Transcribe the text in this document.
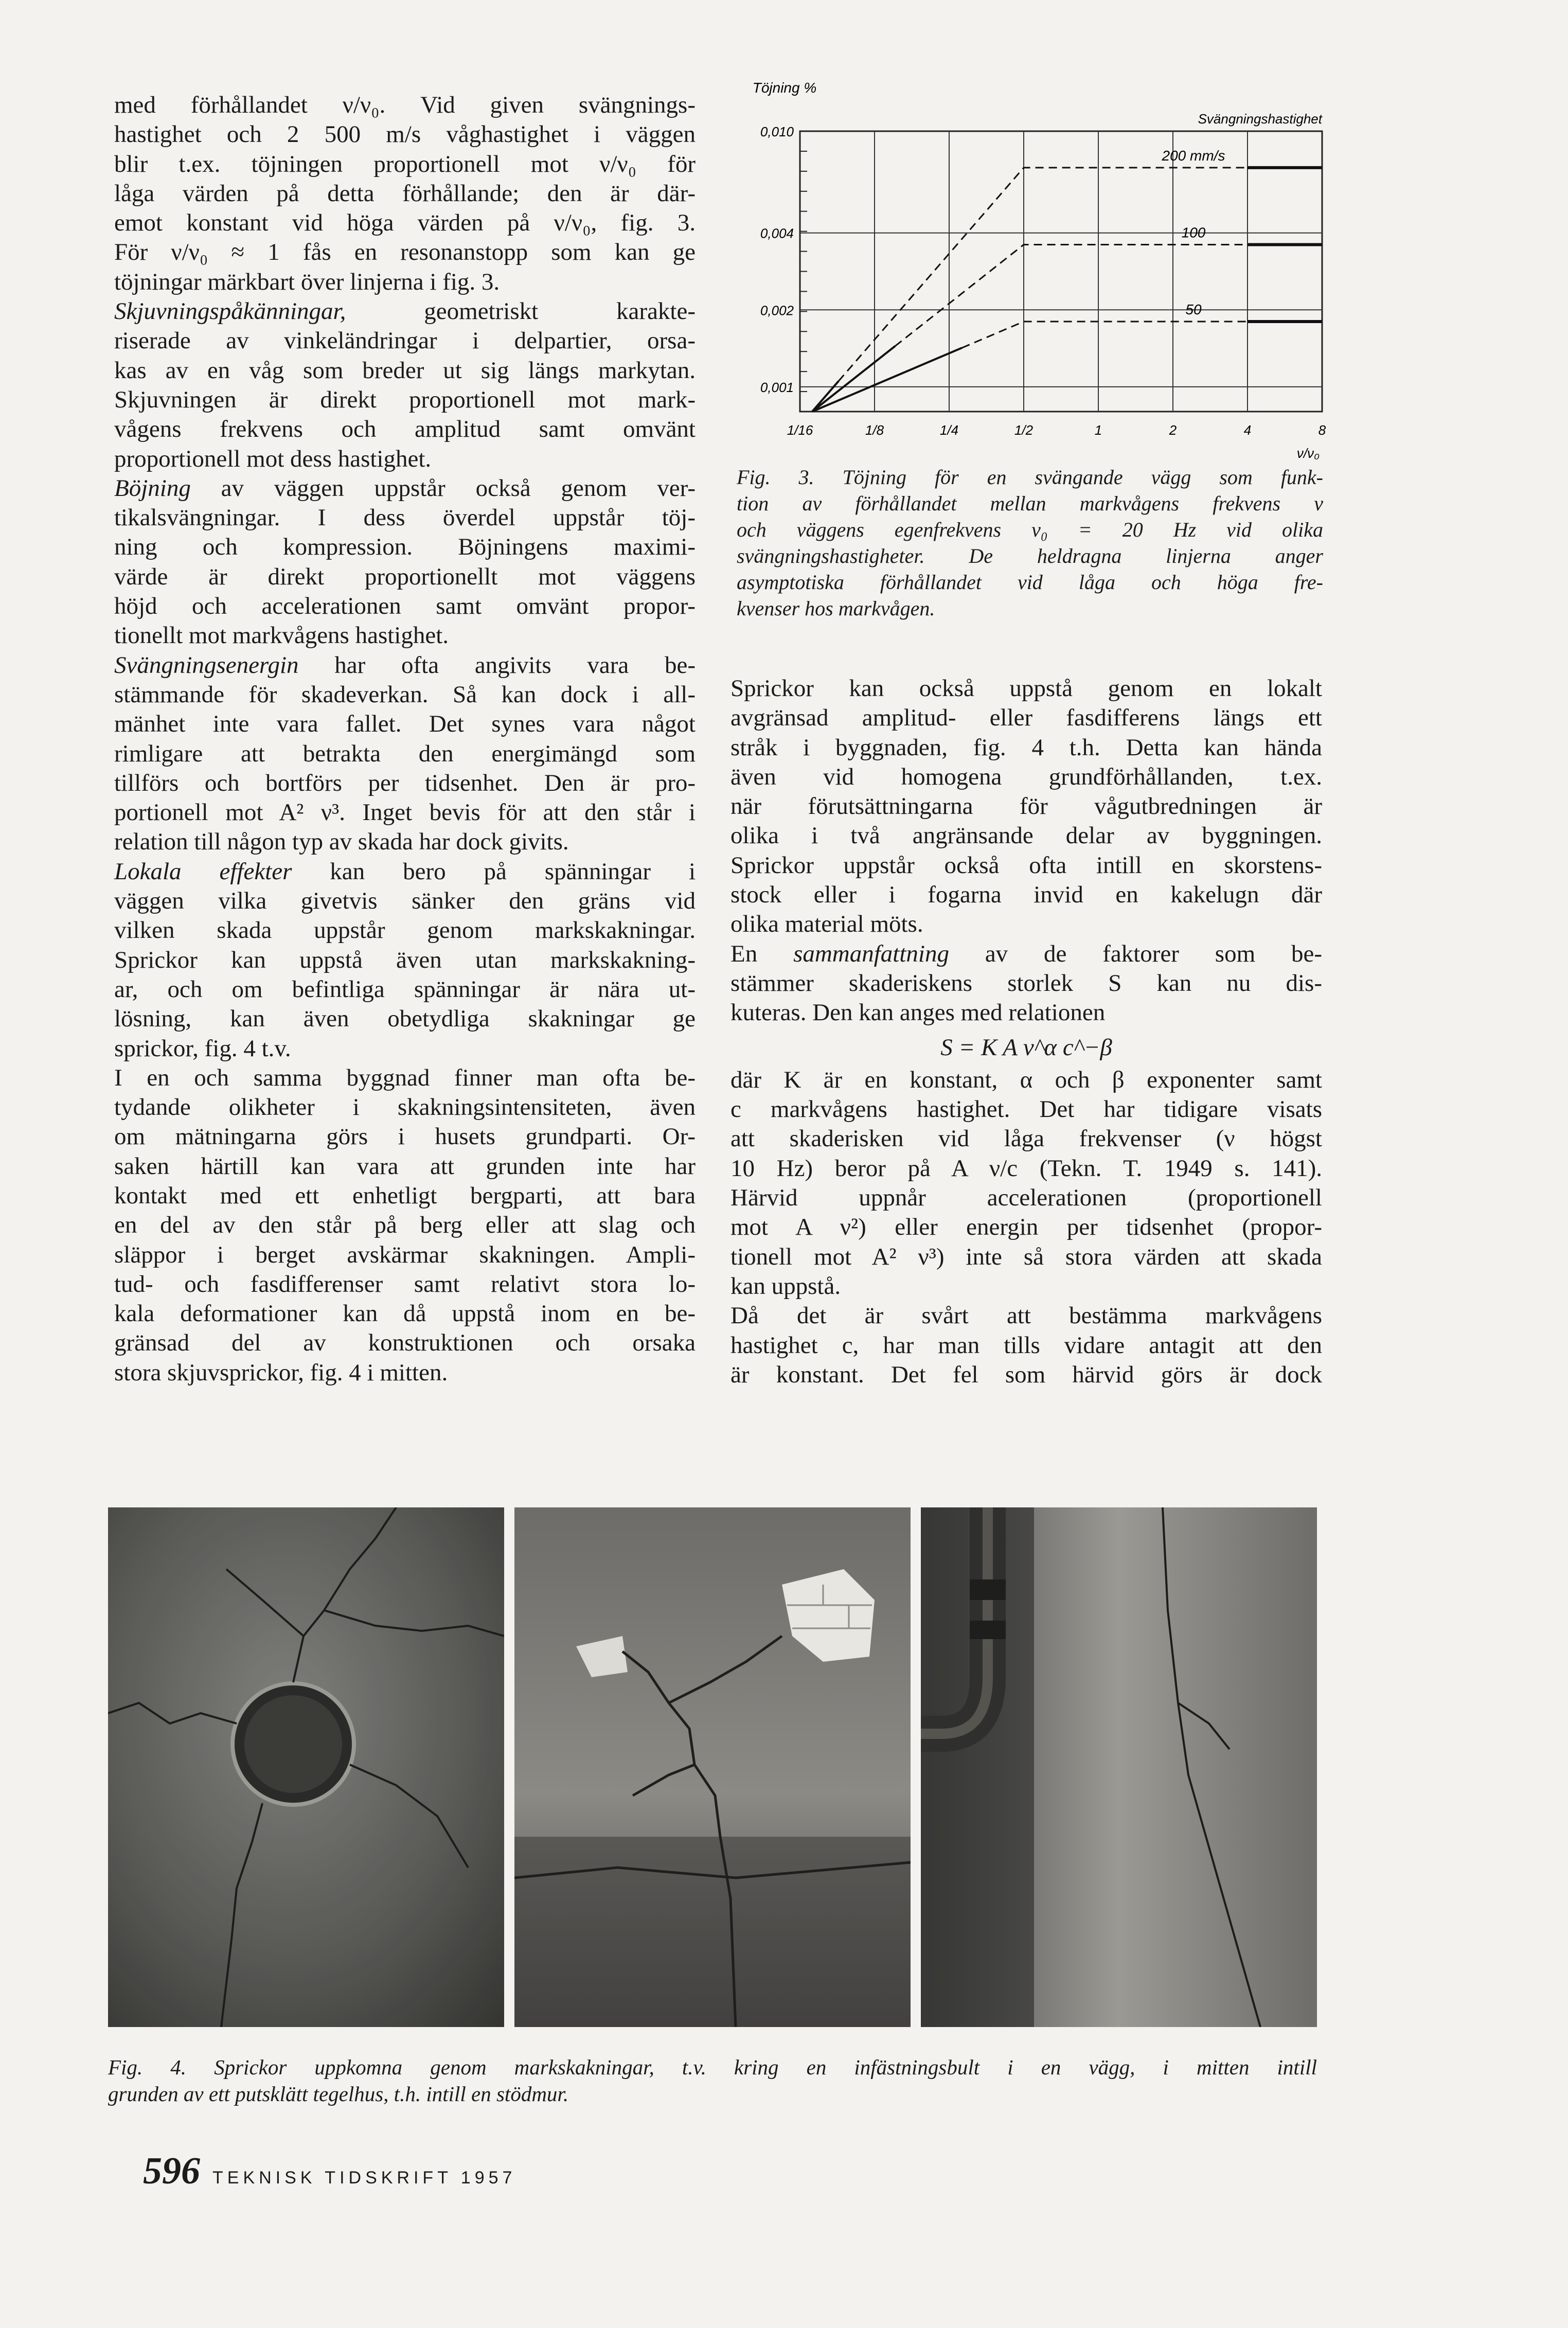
med förhållandet ν/ν₀. Vid given svängnings-
hastighet och 2 500 m/s våghastighet i väggen
blir t.ex. töjningen proportionell mot ν/ν₀ för
låga värden på detta förhållande; den är där-
emot konstant vid höga värden på ν/ν₀, fig. 3.
För ν/ν₀ ≈ 1 fås en resonanstopp som kan ge
töjningar märkbart över linjerna i fig. 3.
Skjuvningspåkänningar, geometriskt karakte-
riserade av vinkeländringar i delpartier, orsa-
kas av en våg som breder ut sig längs markytan.
Skjuvningen är direkt proportionell mot mark-
vågens frekvens och amplitud samt omvänt
proportionell mot dess hastighet.
Böjning av väggen uppstår också genom ver-
tikalsvängningar. I dess överdel uppstår töj-
ning och kompression. Böjningens maximi-
värde är direkt proportionellt mot väggens
höjd och accelerationen samt omvänt propor-
tionellt mot markvågens hastighet.
Svängningsenergin har ofta angivits vara be-
stämmande för skadeverkan. Så kan dock i all-
mänhet inte vara fallet. Det synes vara något
rimligare att betrakta den energimängd som
tillförs och bortförs per tidsenhet. Den är pro-
portionell mot A² ν³. Inget bevis för att den står i
relation till någon typ av skada har dock givits.
Lokala effekter kan bero på spänningar i
väggen vilka givetvis sänker den gräns vid
vilken skada uppstår genom markskakningar.
Sprickor kan uppstå även utan markskakning-
ar, och om befintliga spänningar är nära ut-
lösning, kan även obetydliga skakningar ge
sprickor, fig. 4 t.v.
I en och samma byggnad finner man ofta be-
tydande olikheter i skakningsintensiteten, även
om mätningarna görs i husets grundparti. Or-
saken härtill kan vara att grunden inte har
kontakt med ett enhetligt bergparti, att bara
en del av den står på berg eller att slag och
släppor i berget avskärmar skakningen. Ampli-
tud- och fasdifferenser samt relativt stora lo-
kala deformationer kan då uppstå inom en be-
gränsad del av konstruktionen och orsaka
stora skjuvsprickor, fig. 4 i mitten.
1/16	1/8	1/4	1/2	1	2	4	8
0,001
0,002
0,004
0,010
Töjning %
ν/ν₀
Svängningshastighet
200 mm/s
100
50
Fig. 3. Töjning för en svängande vägg som funk-
tion av förhållandet mellan markvågens frekvens ν
och väggens egenfrekvens ν₀ = 20 Hz vid olika
svängningshastigheter. De heldragna linjerna anger
asymptotiska förhållandet vid låga och höga fre-
kvenser hos markvågen.
Sprickor kan också uppstå genom en lokalt
avgränsad amplitud- eller fasdifferens längs ett
stråk i byggnaden, fig. 4 t.h. Detta kan hända
även vid homogena grundförhållanden, t.ex.
när förutsättningarna för vågutbredningen är
olika i två angränsande delar av byggningen.
Sprickor uppstår också ofta intill en skorstens-
stock eller i fogarna invid en kakelugn där
olika material möts.
En sammanfattning av de faktorer som be-
stämmer skaderiskens storlek S kan nu dis-
kuteras. Den kan anges med relationen
S = K A ν^α c^−β
där K är en konstant, α och β exponenter samt
c markvågens hastighet. Det har tidigare visats
att skaderisken vid låga frekvenser (ν högst
10 Hz) beror på A ν/c (Tekn. T. 1949 s. 141).
Härvid uppnår accelerationen (proportionell
mot A ν²) eller energin per tidsenhet (propor-
tionell mot A² ν³) inte så stora värden att skada
kan uppstå.
Då det är svårt att bestämma markvågens
hastighet c, har man tills vidare antagit att den
är konstant. Det fel som härvid görs är dock
Fig. 4. Sprickor uppkomna genom markskakningar, t.v. kring en infästningsbult i en vägg, i mitten intill
grunden av ett putsklätt tegelhus, t.h. intill en stödmur.
596 TEKNISK TIDSKRIFT 1957
